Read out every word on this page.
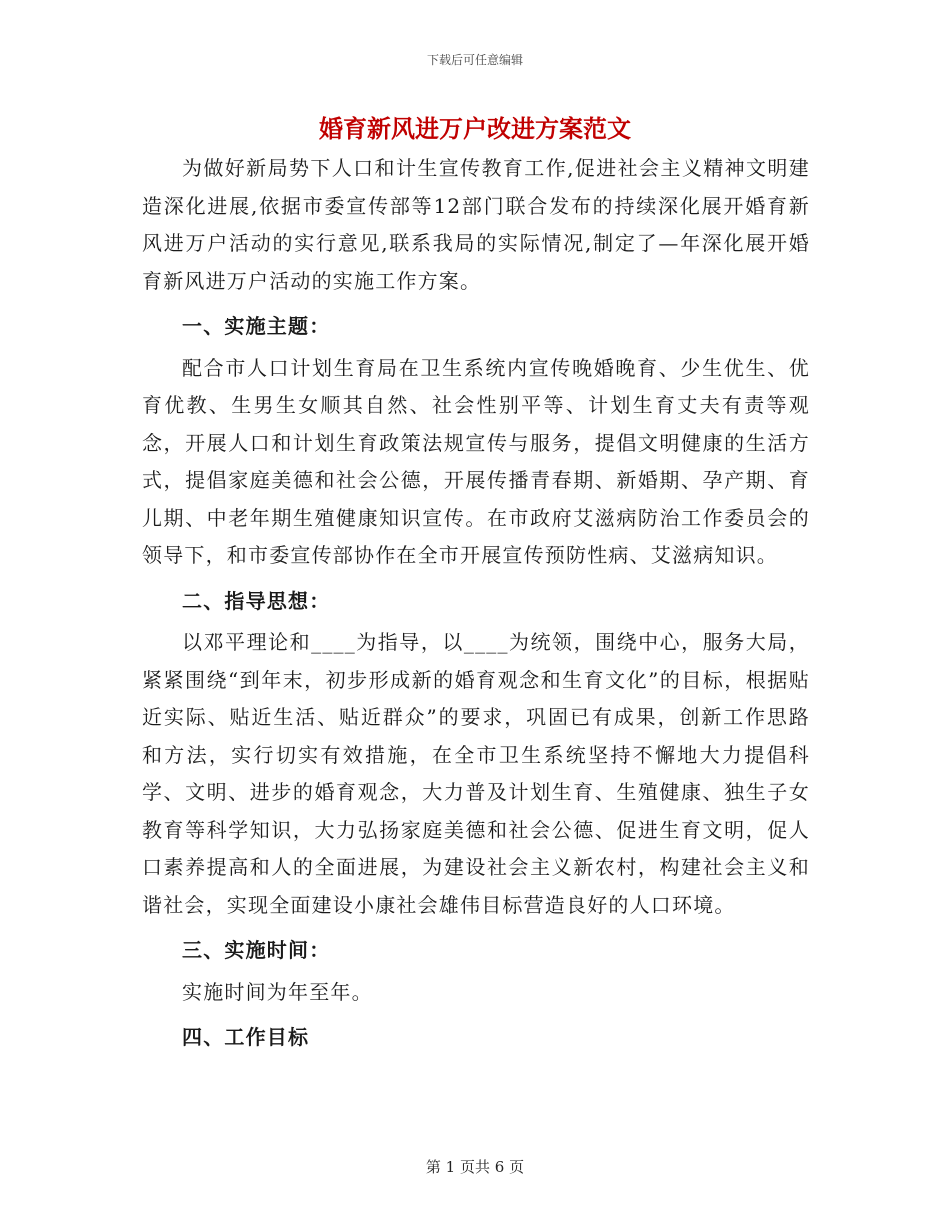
下载后可任意编辑
婚育新风进万户改进方案范文

为做好新局势下人口和计生宣传教育工作,促进社会主义精神文明建造深化进展,依据市委宣传部等12部门联合发布的持续深化展开婚育新风进万户活动的实行意见,联系我局的实际情况,制定了—年深化展开婚育新风进万户活动的实施工作方案。

一、实施主题：

配合市人口计划生育局在卫生系统内宣传晚婚晚育、少生优生、优育优教、生男生女顺其自然、社会性别平等、计划生育丈夫有责等观念，开展人口和计划生育政策法规宣传与服务，提倡文明健康的生活方式，提倡家庭美德和社会公德，开展传播青春期、新婚期、孕产期、育儿期、中老年期生殖健康知识宣传。在市政府艾滋病防治工作委员会的领导下，和市委宣传部协作在全市开展宣传预防性病、艾滋病知识。

二、指导思想：

以邓平理论和____为指导，以____为统领，围绕中心，服务大局，紧紧围绕“到年末，初步形成新的婚育观念和生育文化”的目标，根据贴近实际、贴近生活、贴近群众”的要求，巩固已有成果，创新工作思路和方法，实行切实有效措施，在全市卫生系统坚持不懈地大力提倡科学、文明、进步的婚育观念，大力普及计划生育、生殖健康、独生子女教育等科学知识，大力弘扬家庭美德和社会公德、促进生育文明，促人口素养提高和人的全面进展，为建设社会主义新农村，构建社会主义和谐社会，实现全面建设小康社会雄伟目标营造良好的人口环境。

三、实施时间：

实施时间为年至年。

四、工作目标
第 1 页共 6 页
